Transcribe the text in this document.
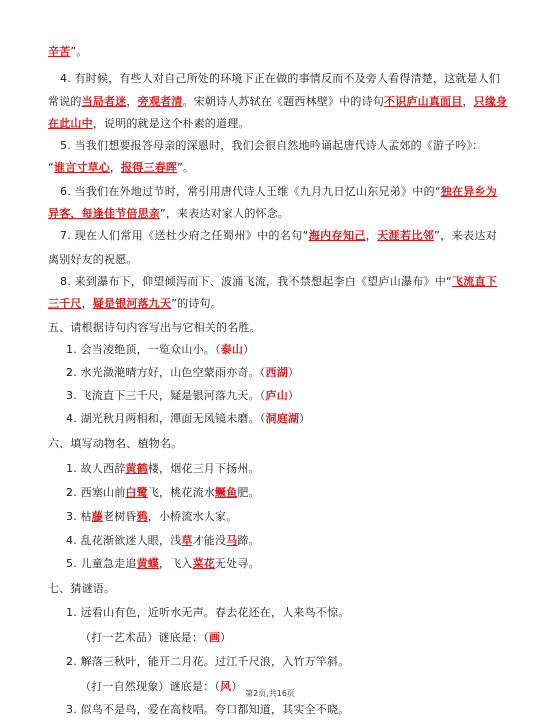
辛苦”。
4. 有时候，有些人对自己所处的环境下正在做的事情反而不及旁人看得清楚，这就是人们
常说的当局者迷，旁观者清。宋朝诗人苏轼在《题西林壁》中的诗句不识庐山真面目，只缘身
在此山中，说明的就是这个朴素的道理。
5. 当我们想要报答母亲的深恩时，我们会很自然地吟诵起唐代诗人孟郊的《游子吟》：
“谁言寸草心，报得三春晖”。
6. 当我们在外地过节时，常引用唐代诗人王维《九月九日忆山东兄弟》中的“独在异乡为
异客，每逢佳节倍思亲”，来表达对家人的怀念。
7. 现在人们常用《送杜少府之任蜀州》中的名句“海内存知己，天涯若比邻”，来表达对
离别好友的祝愿。
8. 来到瀑布下，仰望倾泻而下、波涌飞流，我不禁想起李白《望庐山瀑布》中“飞流直下
三千尺，疑是银河落九天”的诗句。
五、请根据诗句内容写出与它相关的名胜。
1. 会当凌绝顶，一览众山小。（泰山）
2. 水光潋滟晴方好，山色空蒙雨亦奇。（西湖）
3. 飞流直下三千尺，疑是银河落九天。（庐山）
4. 湖光秋月两相和，潭面无风镜未磨。（洞庭湖）
六、填写动物名、植物名。
1. 故人西辞黄鹤楼，烟花三月下扬州。
2. 西塞山前白鹭飞，桃花流水鳜鱼肥。
3. 枯藤老树昏鸦，小桥流水人家。
4. 乱花渐欲迷人眼，浅草才能没马蹄。
5. 儿童急走追黄蝶，飞入菜花无处寻。
七、猜谜语。
1. 远看山有色，近听水无声。春去花还在，人来鸟不惊。
（打一艺术品）谜底是：（画）
2. 解落三秋叶，能开二月花。过江千尺浪，入竹万竿斜。
（打一自然现象）谜底是：（风）
3. 似鸟不是鸟，爱在高枝唱。夸口都知道，其实全不晓。
第2页,共16页
